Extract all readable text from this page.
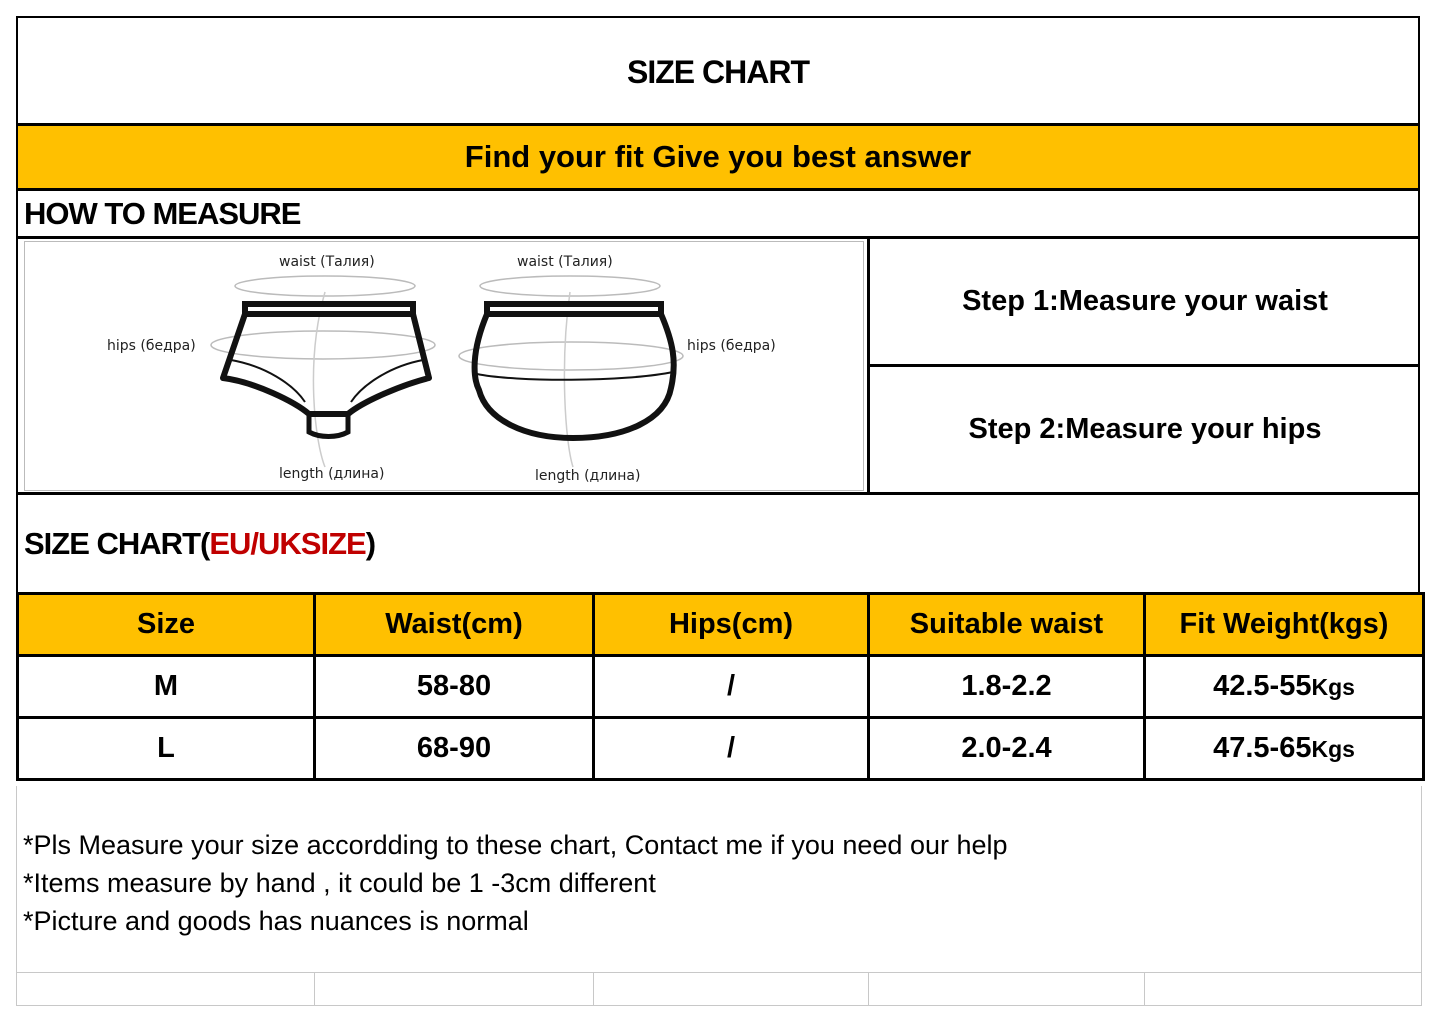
SIZE CHART
Find your fit Give you best answer
HOW TO MEASURE
waist (Талия)
hips (бедра)
length (длина)
waist (Талия)
hips (бедра)
length (длина)
Step 1:Measure your waist
Step 2:Measure your hips
SIZE CHART(EU/UKSIZE)
Size	Waist(cm)	Hips(cm)	Suitable waist	Fit Weight(kgs)
M	58-80	/	1.8-2.2	42.5-55Kgs
L	68-90	/	2.0-2.4	47.5-65Kgs
*Pls Measure your size accordding to these chart, Contact me if you need our help
*Items measure by hand , it could be 1 -3cm different
*Picture and goods has nuances is normal
